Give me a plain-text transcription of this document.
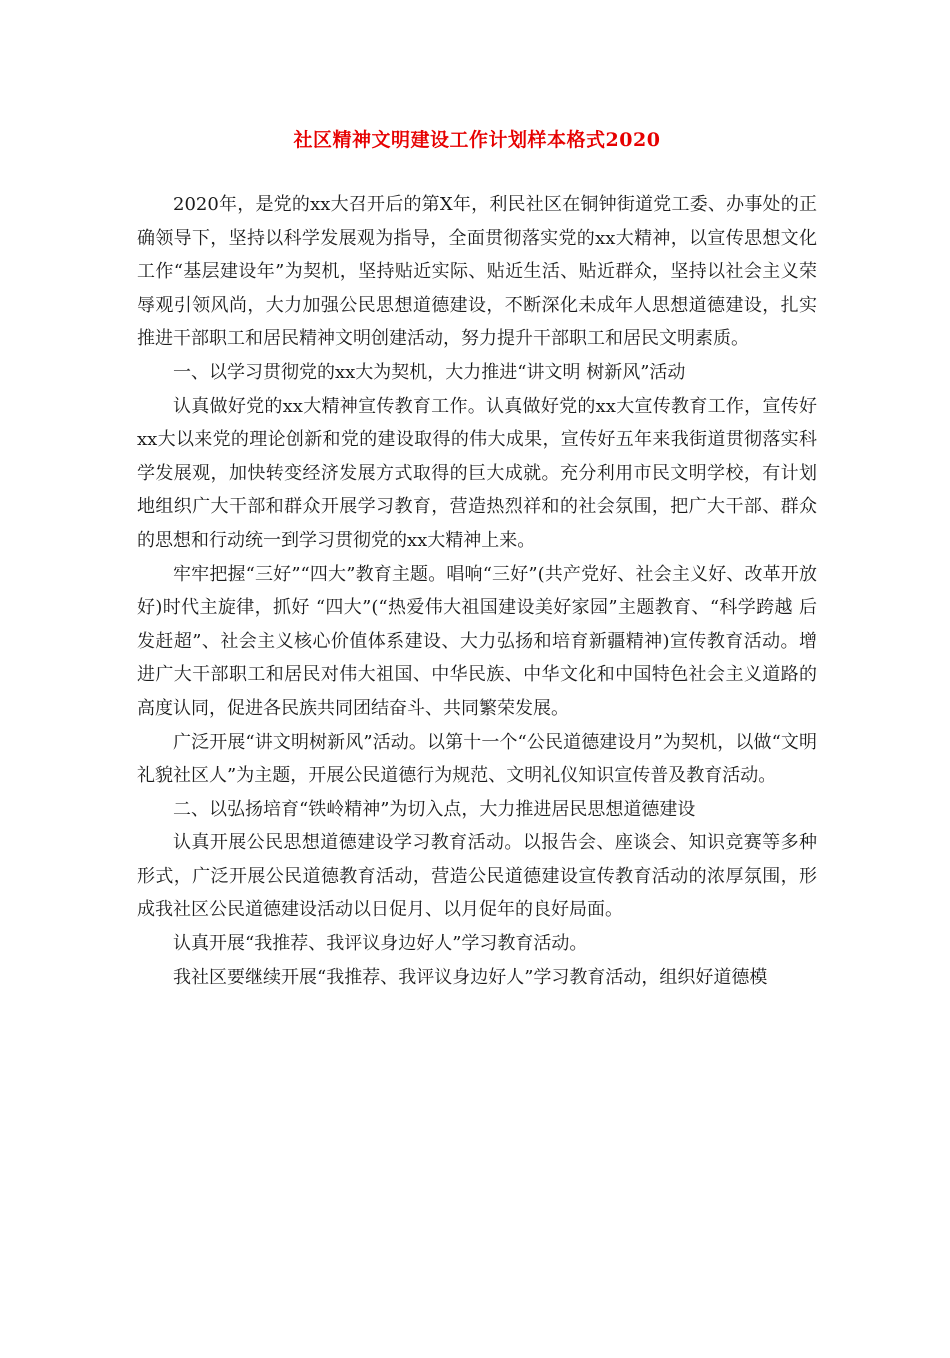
社区精神文明建设工作计划样本格式2020

2020年，是党的xx大召开后的第X年，利民社区在铜钟街道党工委、办事处的正确领导下，坚持以科学发展观为指导，全面贯彻落实党的xx大精神，以宣传思想文化工作“基层建设年”为契机，坚持贴近实际、贴近生活、贴近群众，坚持以社会主义荣辱观引领风尚，大力加强公民思想道德建设，不断深化未成年人思想道德建设，扎实推进干部职工和居民精神文明创建活动，努力提升干部职工和居民文明素质。

一、以学习贯彻党的xx大为契机，大力推进“讲文明 树新风”活动

认真做好党的xx大精神宣传教育工作。认真做好党的xx大宣传教育工作，宣传好xx大以来党的理论创新和党的建设取得的伟大成果，宣传好五年来我街道贯彻落实科学发展观，加快转变经济发展方式取得的巨大成就。充分利用市民文明学校，有计划地组织广大干部和群众开展学习教育，营造热烈祥和的社会氛围，把广大干部、群众的思想和行动统一到学习贯彻党的xx大精神上来。

牢牢把握“三好”“四大”教育主题。唱响“三好”(共产党好、社会主义好、改革开放好)时代主旋律，抓好 “四大”(“热爱伟大祖国建设美好家园”主题教育、“科学跨越 后发赶超”、社会主义核心价值体系建设、大力弘扬和培育新疆精神)宣传教育活动。增进广大干部职工和居民对伟大祖国、中华民族、中华文化和中国特色社会主义道路的高度认同，促进各民族共同团结奋斗、共同繁荣发展。

广泛开展“讲文明树新风”活动。以第十一个“公民道德建设月”为契机，以做“文明礼貌社区人”为主题，开展公民道德行为规范、文明礼仪知识宣传普及教育活动。

二、以弘扬培育“铁岭精神”为切入点，大力推进居民思想道德建设

认真开展公民思想道德建设学习教育活动。以报告会、座谈会、知识竞赛等多种形式，广泛开展公民道德教育活动，营造公民道德建设宣传教育活动的浓厚氛围，形成我社区公民道德建设活动以日促月、以月促年的良好局面。

认真开展“我推荐、我评议身边好人”学习教育活动。

我社区要继续开展“我推荐、我评议身边好人”学习教育活动，组织好道德模
